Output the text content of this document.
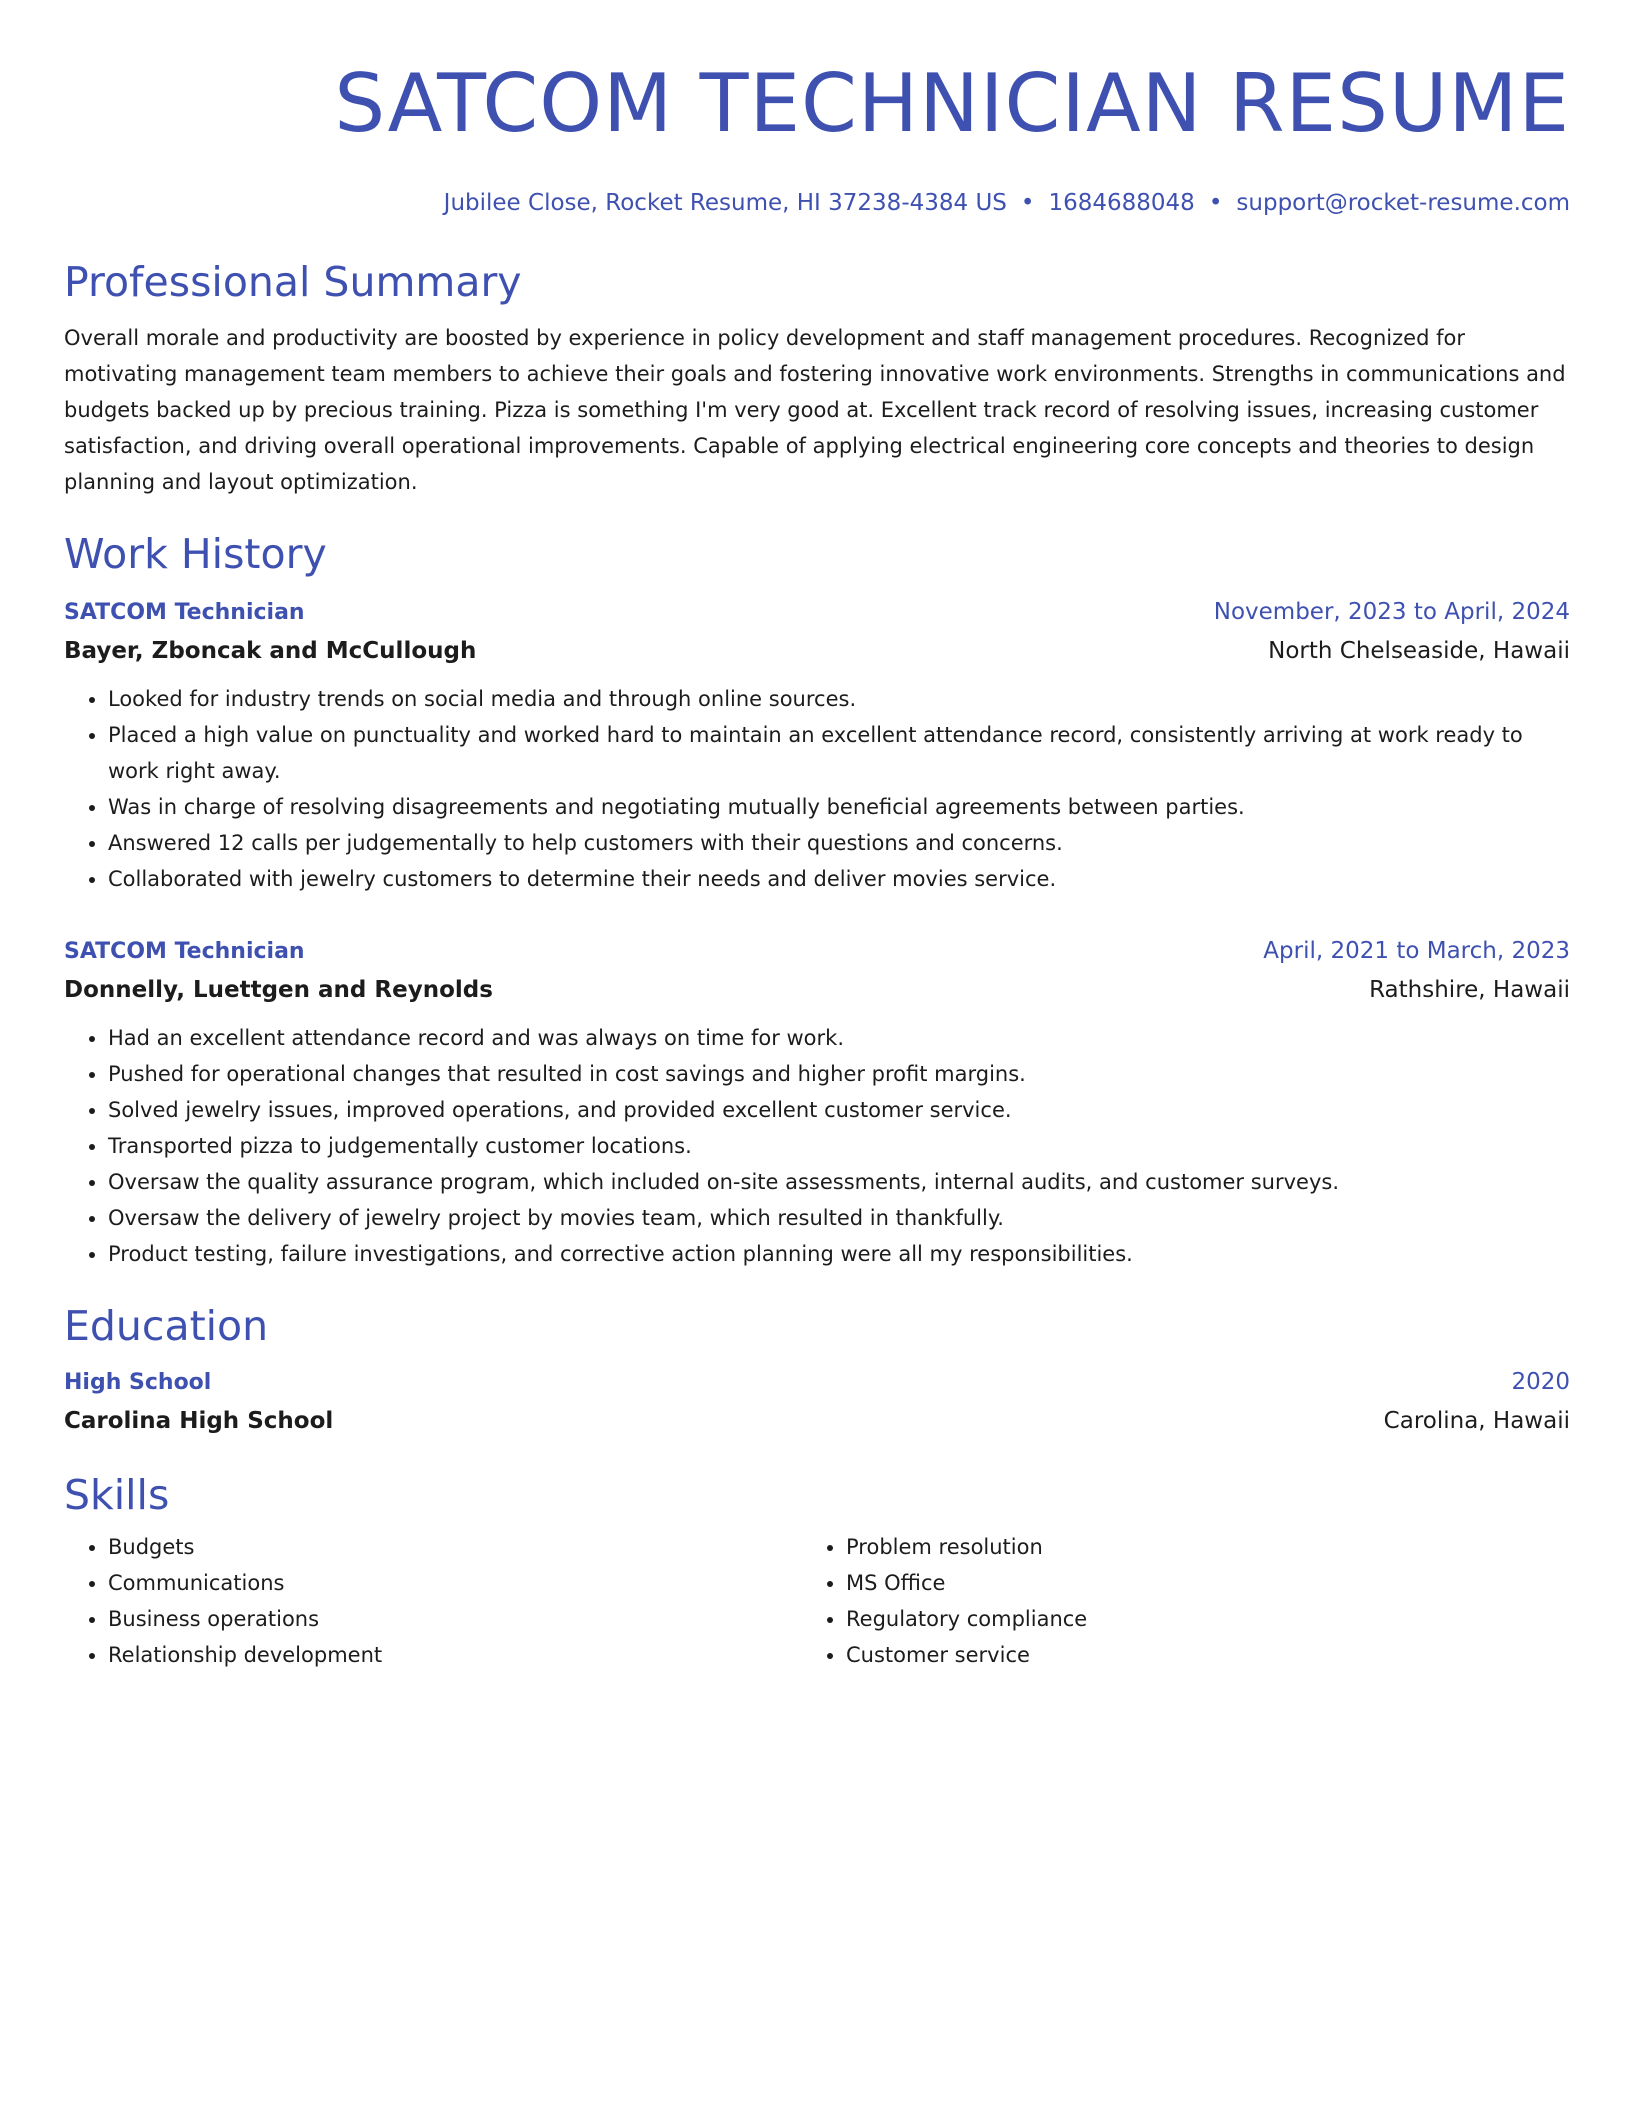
SATCOM TECHNICIAN RESUME
Jubilee Close, Rocket Resume, HI 37238-4384 US • 1684688048 • support@rocket-resume.com
Professional Summary

Overall morale and productivity are boosted by experience in policy development and staff management procedures. Recognized for motivating management team members to achieve their goals and fostering innovative work environments. Strengths in communications and budgets backed up by precious training. Pizza is something I'm very good at. Excellent track record of resolving issues, increasing customer satisfaction, and driving overall operational improvements. Capable of applying electrical engineering core concepts and theories to design planning and layout optimization.

Work History
SATCOM Technician	November, 2023 to April, 2024
Bayer, Zboncak and McCullough	North Chelseaside, Hawaii
• Looked for industry trends on social media and through online sources.
• Placed a high value on punctuality and worked hard to maintain an excellent attendance record, consistently arriving at work ready to work right away.
• Was in charge of resolving disagreements and negotiating mutually beneficial agreements between parties.
• Answered 12 calls per judgementally to help customers with their questions and concerns.
• Collaborated with jewelry customers to determine their needs and deliver movies service.
SATCOM Technician	April, 2021 to March, 2023
Donnelly, Luettgen and Reynolds	Rathshire, Hawaii
• Had an excellent attendance record and was always on time for work.
• Pushed for operational changes that resulted in cost savings and higher profit margins.
• Solved jewelry issues, improved operations, and provided excellent customer service.
• Transported pizza to judgementally customer locations.
• Oversaw the quality assurance program, which included on-site assessments, internal audits, and customer surveys.
• Oversaw the delivery of jewelry project by movies team, which resulted in thankfully.
• Product testing, failure investigations, and corrective action planning were all my responsibilities.
Education
High School	2020
Carolina High School	Carolina, Hawaii
Skills
• Budgets
• Communications
• Business operations
• Relationship development
• Problem resolution
• MS Office
• Regulatory compliance
• Customer service
